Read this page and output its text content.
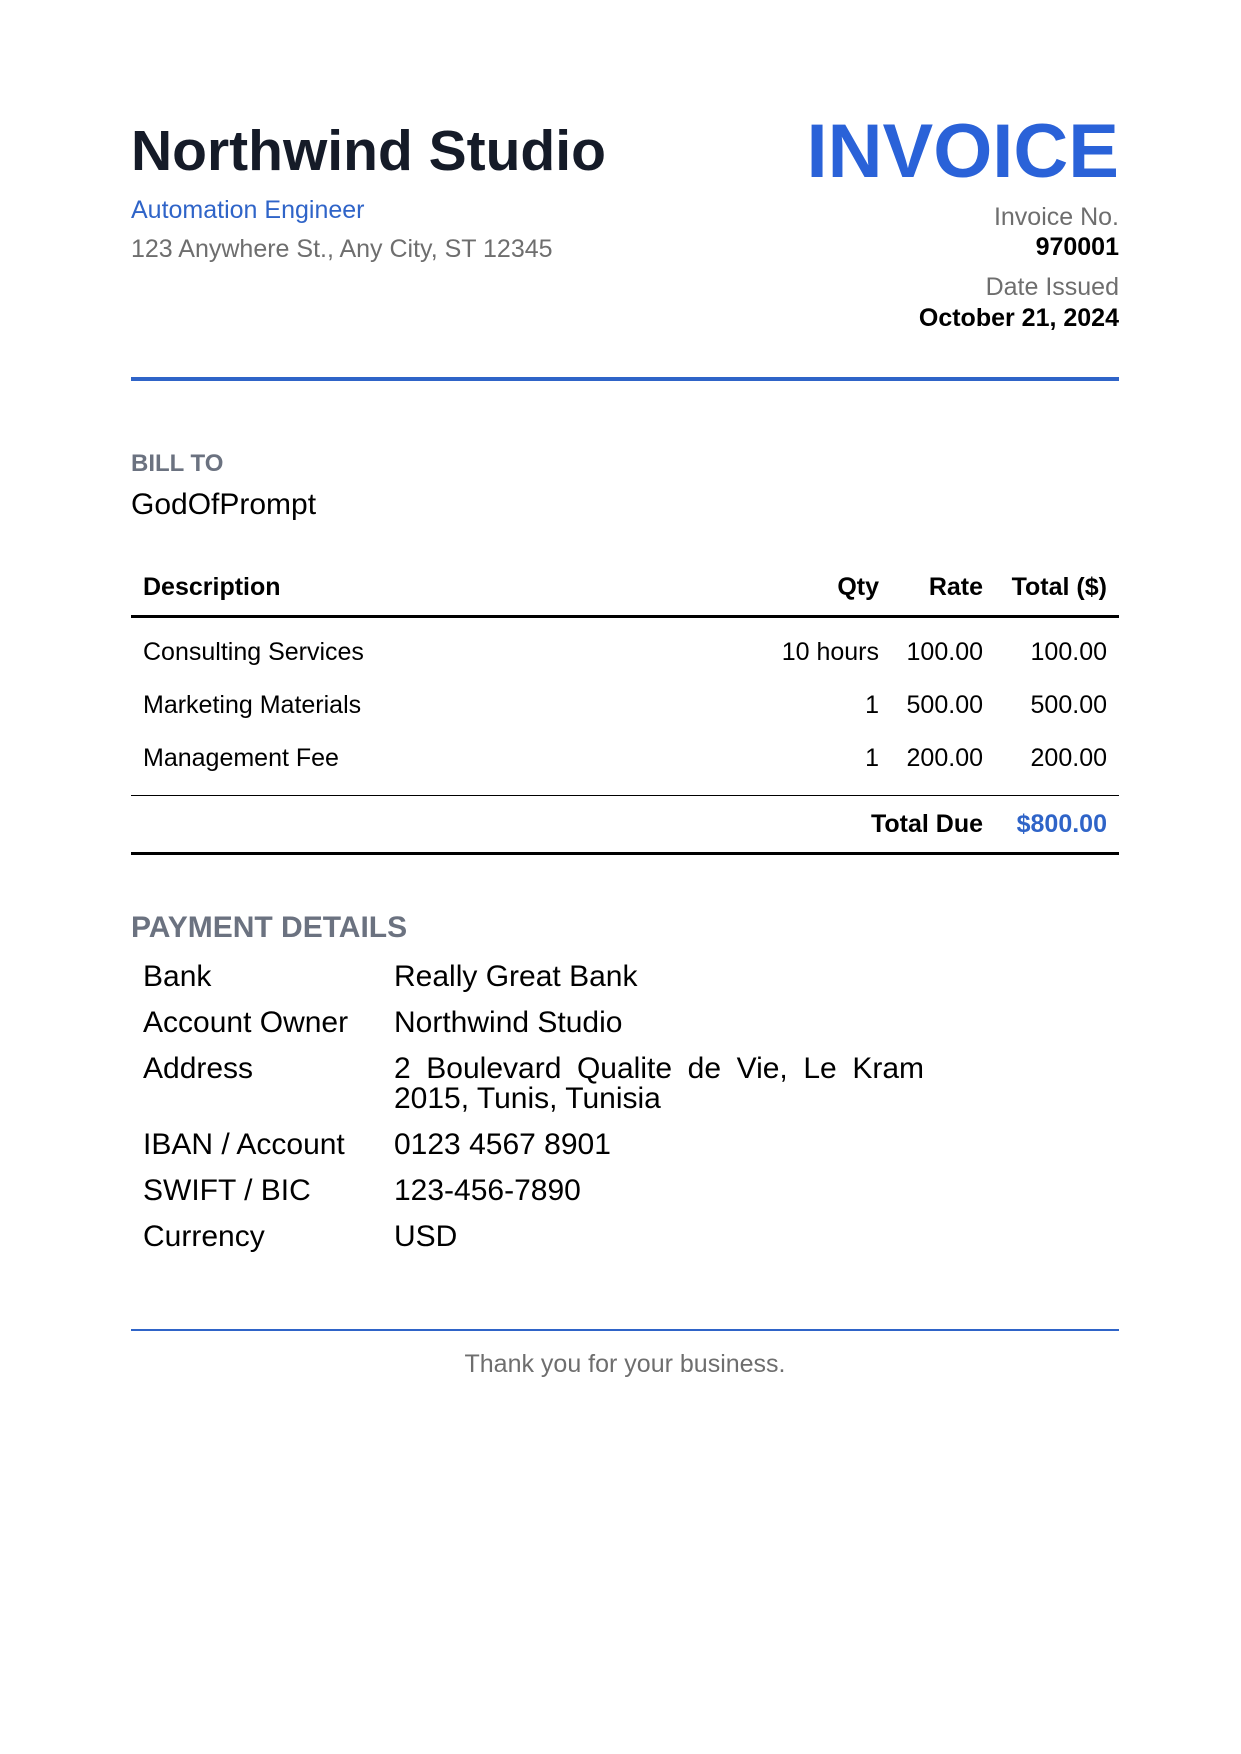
Northwind Studio
Automation Engineer
123 Anywhere St., Any City, ST 12345
INVOICE
Invoice No.
970001
Date Issued
October 21, 2024
BILL TO
GodOfPrompt
Description	Qty	Rate	Total ($)
Consulting Services	10 hours	100.00	100.00
Marketing Materials	1	500.00	500.00
Management Fee	1	200.00	200.00
	Total Due		$800.00
PAYMENT DETAILS
Bank	Really Great Bank
Account Owner	Northwind Studio
Address	2 Boulevard Qualite de Vie, Le Kram 2015, Tunis, Tunisia
IBAN / Account	0123 4567 8901
SWIFT / BIC	123-456-7890
Currency	USD
Thank you for your business.
